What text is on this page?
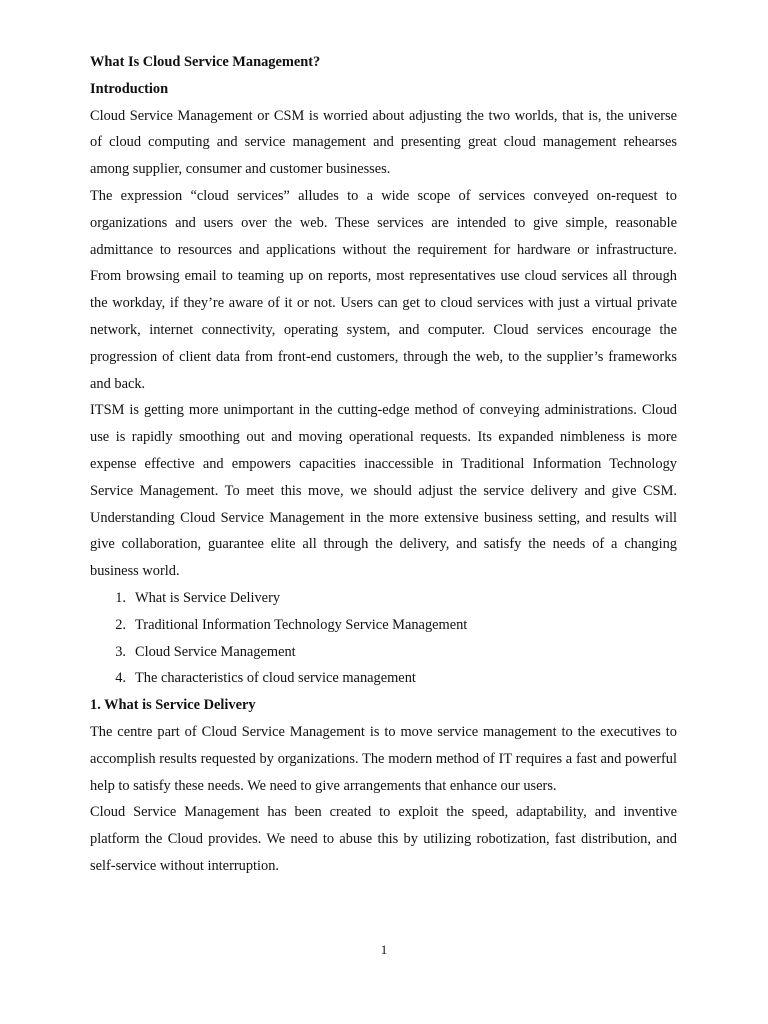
What Is Cloud Service Management?
Introduction

Cloud Service Management or CSM is worried about adjusting the two worlds, that is, the universe of cloud computing and service management and presenting great cloud management rehearses among supplier, consumer and customer businesses.

The expression “cloud services” alludes to a wide scope of services conveyed on-request to organizations and users over the web. These services are intended to give simple, reasonable admittance to resources and applications without the requirement for hardware or infrastructure. From browsing email to teaming up on reports, most representatives use cloud services all through the workday, if they’re aware of it or not. Users can get to cloud services with just a virtual private network, internet connectivity, operating system, and computer. Cloud services encourage the progression of client data from front-end customers, through the web, to the supplier’s frameworks and back.

ITSM is getting more unimportant in the cutting-edge method of conveying administrations. Cloud use is rapidly smoothing out and moving operational requests. Its expanded nimbleness is more expense effective and empowers capacities inaccessible in Traditional Information Technology Service Management. To meet this move, we should adjust the service delivery and give CSM. Understanding Cloud Service Management in the more extensive business setting, and results will give collaboration, guarantee elite all through the delivery, and satisfy the needs of a changing business world.

1. What is Service Delivery
2. Traditional Information Technology Service Management
3. Cloud Service Management
4. The characteristics of cloud service management
1. What is Service Delivery

The centre part of Cloud Service Management is to move service management to the executives to accomplish results requested by organizations. The modern method of IT requires a fast and powerful help to satisfy these needs. We need to give arrangements that enhance our users.

Cloud Service Management has been created to exploit the speed, adaptability, and inventive platform the Cloud provides. We need to abuse this by utilizing robotization, fast distribution, and self-service without interruption.

1
